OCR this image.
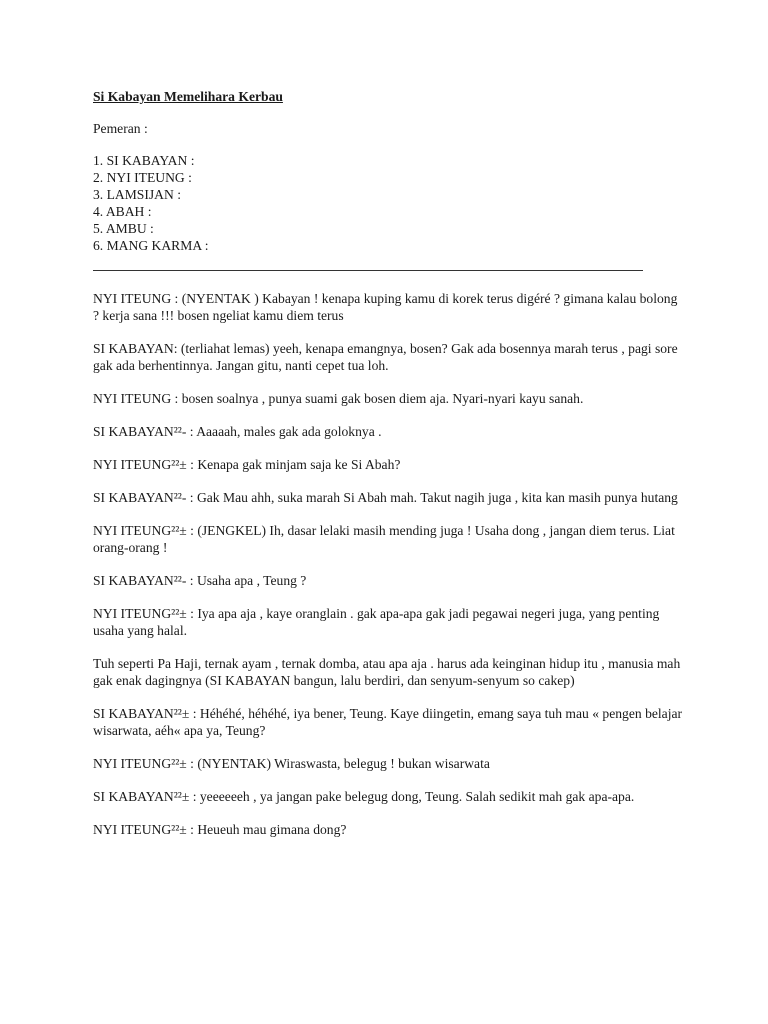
Si Kabayan Memelihara Kerbau
Pemeran :
1. SI KABAYAN :
2. NYI ITEUNG :
3. LAMSIJAN :
4. ABAH :
5. AMBU :
6. MANG KARMA :
NYI ITEUNG : (NYENTAK ) Kabayan ! kenapa kuping kamu di korek terus digéré ? gimana kalau bolong ? kerja sana !!! bosen ngeliat kamu diem terus
SI KABAYAN: (terliahat lemas) yeeh, kenapa emangnya, bosen? Gak ada bosennya marah terus , pagi sore gak ada berhentinnya. Jangan gitu, nanti cepet tua loh.
NYI ITEUNG : bosen soalnya , punya suami gak bosen diem aja. Nyari-nyari kayu sanah.
SI KABAYAN²²- : Aaaaah, males gak ada goloknya .
NYI ITEUNG²²± : Kenapa gak minjam saja ke Si Abah?
SI KABAYAN²²- : Gak Mau ahh, suka marah Si Abah mah. Takut nagih juga , kita kan masih punya hutang
NYI ITEUNG²²± : (JENGKEL) Ih, dasar lelaki masih mending juga ! Usaha dong , jangan diem terus. Liat orang-orang !
SI KABAYAN²²- : Usaha apa , Teung ?
NYI ITEUNG²²± : Iya apa aja , kaye oranglain . gak apa-apa gak jadi pegawai negeri juga, yang penting usaha yang halal.
Tuh seperti Pa Haji, ternak ayam , ternak domba, atau apa aja . harus ada keinginan hidup itu , manusia mah gak enak dagingnya (SI KABAYAN bangun, lalu berdiri, dan senyum-senyum so cakep)
SI KABAYAN²²± : Héhéhé, héhéhé, iya bener, Teung. Kaye diingetin, emang saya tuh mau « pengen belajar wisarwata, aéh« apa ya, Teung?
NYI ITEUNG²²± : (NYENTAK) Wiraswasta, belegug ! bukan wisarwata
SI KABAYAN²²± : yeeeeeeh , ya jangan pake belegug dong, Teung. Salah sedikit mah gak apa-apa.
NYI ITEUNG²²± : Heueuh mau gimana dong?
